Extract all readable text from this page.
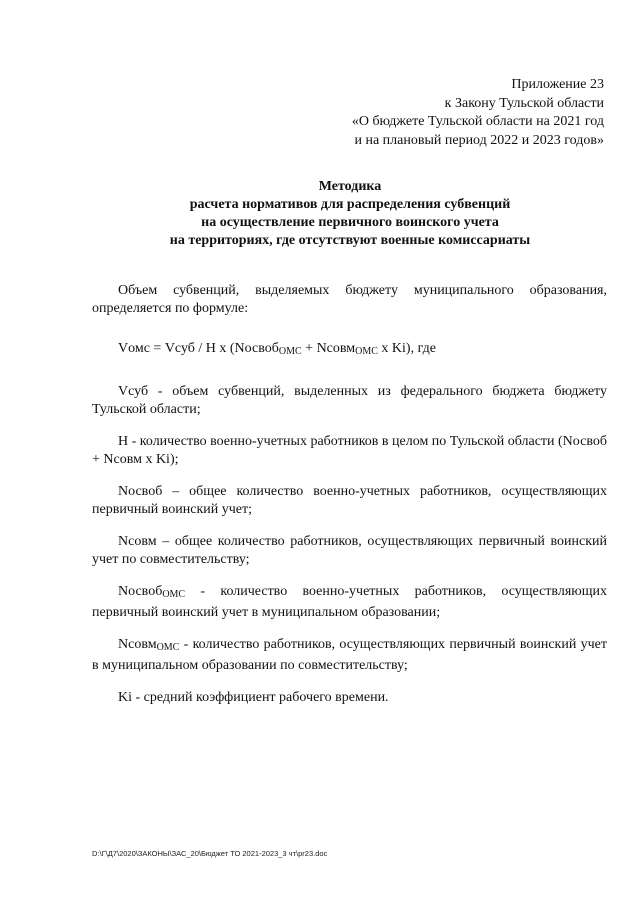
Приложение 23
к Закону Тульской области
«О бюджете Тульской области на 2021 год
и на плановый период 2022 и 2023 годов»
Методика
расчета нормативов для распределения субвенций
на осуществление первичного воинского учета
на территориях, где отсутствуют военные комиссариаты

Объем субвенций, выделяемых бюджету муниципального образования, определяется по формуле:

Vомс = Vсуб / Н х (Nосвоб$_{ОМС}$ + Nсовм$_{ОМС}$ х Ki), где

Vсуб - объем субвенций, выделенных из федерального бюджета бюджету Тульской области;

Н - количество военно-учетных работников в целом по Тульской области (Nосвоб + Nсовм х Ki);

Nосвоб – общее количество военно-учетных работников, осуществляющих первичный воинский учет;

Nсовм – общее количество работников, осуществляющих первичный воинский учет по совместительству;

Nосвоб$_{ОМС}$ - количество военно-учетных работников, осуществляющих первичный воинский учет в муниципальном образовании;

Nсовм$_{ОМС}$ - количество работников, осуществляющих первичный воинский учет в муниципальном образовании по совместительству;

Ki - средний коэффициент рабочего времени.

D:\Г\Д7\2020\ЗАКОНЫ\ЗАС_20\Бюджет ТО 2021-2023_3 чт\pr23.doc
